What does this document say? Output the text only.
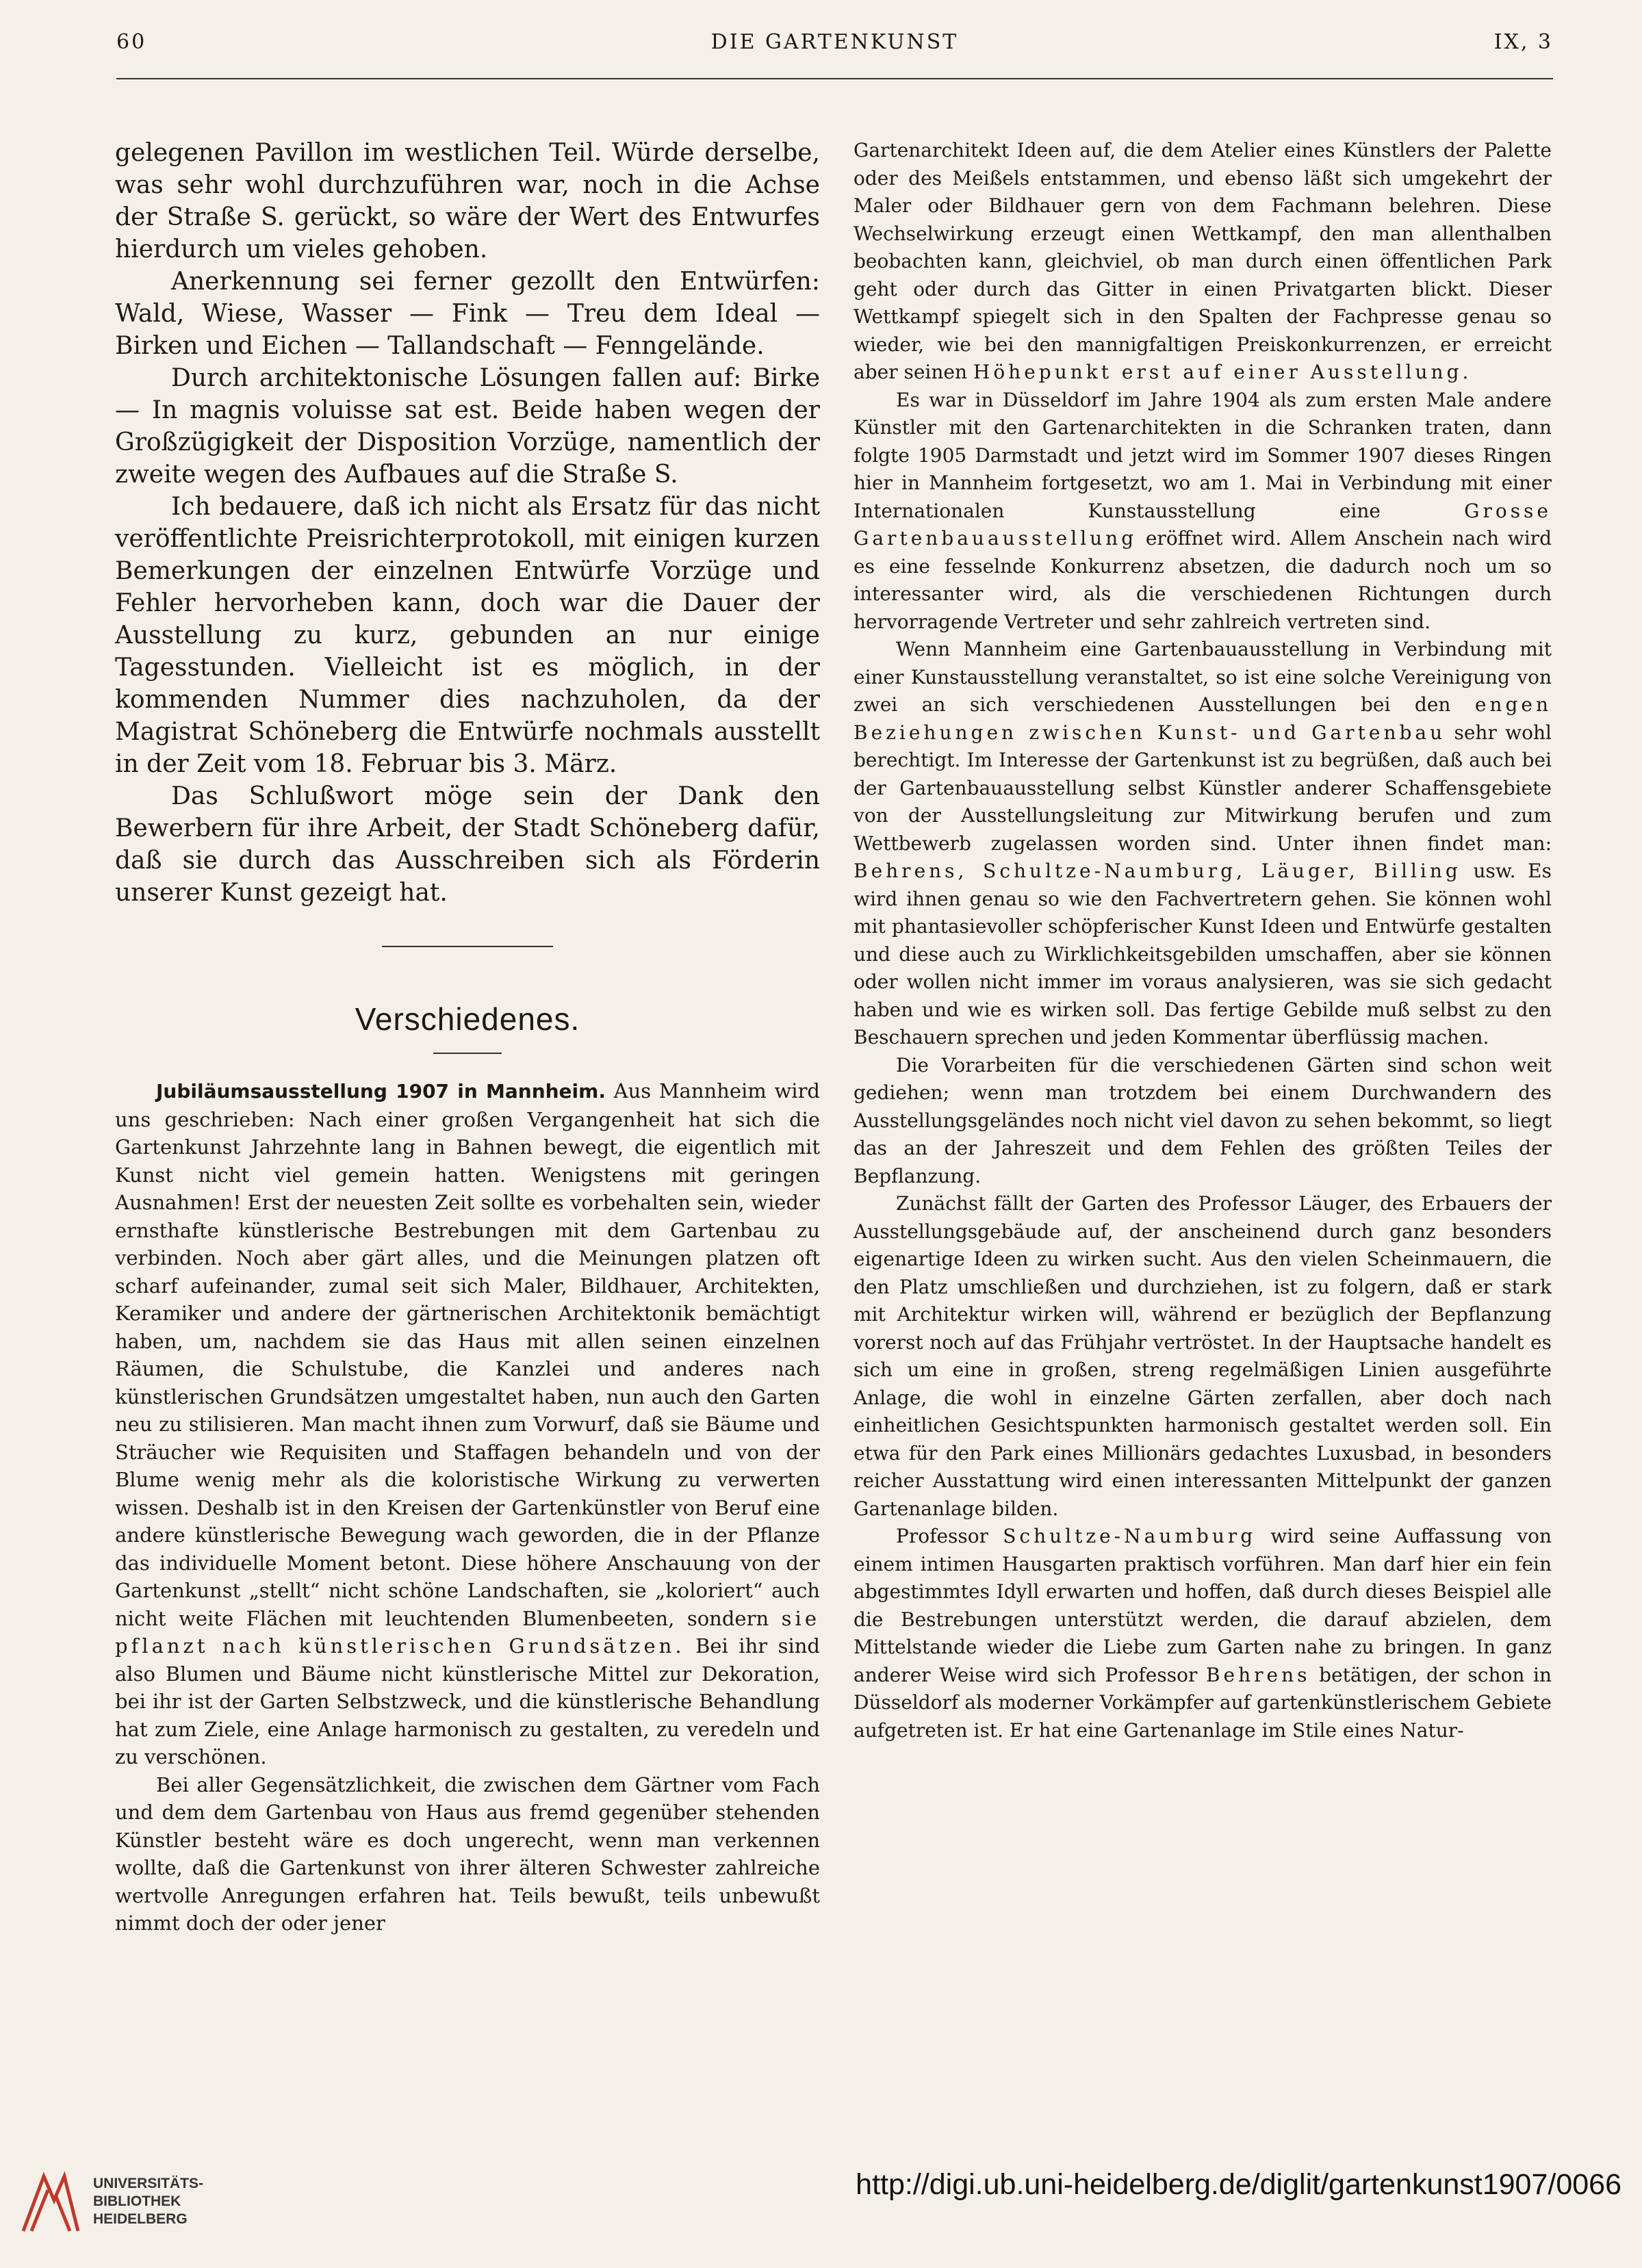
60	DIE GARTENKUNST	IX, 3

gelegenen Pavillon im westlichen Teil. Würde derselbe, was sehr wohl durchzuführen war, noch in die Achse der Straße S. gerückt, so wäre der Wert des Entwurfes hierdurch um vieles gehoben.

Anerkennung sei ferner gezollt den Entwürfen: Wald, Wiese, Wasser — Fink — Treu dem Ideal — Birken und Eichen — Tallandschaft — Fenngelände.

Durch architektonische Lösungen fallen auf: Birke — In magnis voluisse sat est. Beide haben wegen der Großzügigkeit der Disposition Vorzüge, namentlich der zweite wegen des Aufbaues auf die Straße S.

Ich bedauere, daß ich nicht als Ersatz für das nicht veröffentlichte Preisrichterprotokoll, mit einigen kurzen Bemerkungen der einzelnen Entwürfe Vorzüge und Fehler hervorheben kann, doch war die Dauer der Ausstellung zu kurz, gebunden an nur einige Tagesstunden. Vielleicht ist es möglich, in der kommenden Nummer dies nachzuholen, da der Magistrat Schöneberg die Entwürfe nochmals ausstellt in der Zeit vom 18. Februar bis 3. März.

Das Schlußwort möge sein der Dank den Bewerbern für ihre Arbeit, der Stadt Schöneberg dafür, daß sie durch das Ausschreiben sich als Förderin unserer Kunst gezeigt hat.

Verschiedenes.

Jubiläumsausstellung 1907 in Mannheim. Aus Mannheim wird uns geschrieben: Nach einer großen Vergangenheit hat sich die Gartenkunst Jahrzehnte lang in Bahnen bewegt, die eigentlich mit Kunst nicht viel gemein hatten. Wenigstens mit geringen Ausnahmen! Erst der neuesten Zeit sollte es vorbehalten sein, wieder ernsthafte künstlerische Bestrebungen mit dem Gartenbau zu verbinden. Noch aber gärt alles, und die Meinungen platzen oft scharf aufeinander, zumal seit sich Maler, Bildhauer, Architekten, Keramiker und andere der gärtnerischen Architektonik bemächtigt haben, um, nachdem sie das Haus mit allen seinen einzelnen Räumen, die Schulstube, die Kanzlei und anderes nach künstlerischen Grundsätzen umgestaltet haben, nun auch den Garten neu zu stilisieren. Man macht ihnen zum Vorwurf, daß sie Bäume und Sträucher wie Requisiten und Staffagen behandeln und von der Blume wenig mehr als die koloristische Wirkung zu verwerten wissen. Deshalb ist in den Kreisen der Gartenkünstler von Beruf eine andere künstlerische Bewegung wach geworden, die in der Pflanze das individuelle Moment betont. Diese höhere Anschauung von der Gartenkunst „stellt“ nicht schöne Landschaften, sie „koloriert“ auch nicht weite Flächen mit leuchtenden Blumenbeeten, sondern sie pflanzt nach künstlerischen Grundsätzen. Bei ihr sind also Blumen und Bäume nicht künstlerische Mittel zur Dekoration, bei ihr ist der Garten Selbstzweck, und die künstlerische Behandlung hat zum Ziele, eine Anlage harmonisch zu gestalten, zu veredeln und zu verschönen.

Bei aller Gegensätzlichkeit, die zwischen dem Gärtner vom Fach und dem dem Gartenbau von Haus aus fremd gegenüber stehenden Künstler besteht wäre es doch ungerecht, wenn man verkennen wollte, daß die Gartenkunst von ihrer älteren Schwester zahlreiche wertvolle Anregungen erfahren hat. Teils bewußt, teils unbewußt nimmt doch der oder jener

Gartenarchitekt Ideen auf, die dem Atelier eines Künstlers der Palette oder des Meißels entstammen, und ebenso läßt sich umgekehrt der Maler oder Bildhauer gern von dem Fachmann belehren. Diese Wechselwirkung erzeugt einen Wettkampf, den man allenthalben beobachten kann, gleichviel, ob man durch einen öffentlichen Park geht oder durch das Gitter in einen Privatgarten blickt. Dieser Wettkampf spiegelt sich in den Spalten der Fachpresse genau so wieder, wie bei den mannigfaltigen Preiskonkurrenzen, er erreicht aber seinen Höhepunkt erst auf einer Ausstellung.

Es war in Düsseldorf im Jahre 1904 als zum ersten Male andere Künstler mit den Gartenarchitekten in die Schranken traten, dann folgte 1905 Darmstadt und jetzt wird im Sommer 1907 dieses Ringen hier in Mannheim fortgesetzt, wo am 1. Mai in Verbindung mit einer Internationalen Kunstausstellung eine Grosse Gartenbauausstellung eröffnet wird. Allem Anschein nach wird es eine fesselnde Konkurrenz absetzen, die dadurch noch um so interessanter wird, als die verschiedenen Richtungen durch hervorragende Vertreter und sehr zahlreich vertreten sind.

Wenn Mannheim eine Gartenbauausstellung in Verbindung mit einer Kunstausstellung veranstaltet, so ist eine solche Vereinigung von zwei an sich verschiedenen Ausstellungen bei den engen Beziehungen zwischen Kunst- und Gartenbau sehr wohl berechtigt. Im Interesse der Gartenkunst ist zu begrüßen, daß auch bei der Gartenbauausstellung selbst Künstler anderer Schaffensgebiete von der Ausstellungsleitung zur Mitwirkung berufen und zum Wettbewerb zugelassen worden sind. Unter ihnen findet man: Behrens, Schultze-Naumburg, Läuger, Billing usw. Es wird ihnen genau so wie den Fachvertretern gehen. Sie können wohl mit phantasievoller schöpferischer Kunst Ideen und Entwürfe gestalten und diese auch zu Wirklichkeitsgebilden umschaffen, aber sie können oder wollen nicht immer im voraus analysieren, was sie sich gedacht haben und wie es wirken soll. Das fertige Gebilde muß selbst zu den Beschauern sprechen und jeden Kommentar überflüssig machen.

Die Vorarbeiten für die verschiedenen Gärten sind schon weit gediehen; wenn man trotzdem bei einem Durchwandern des Ausstellungsgeländes noch nicht viel davon zu sehen bekommt, so liegt das an der Jahreszeit und dem Fehlen des größten Teiles der Bepflanzung.

Zunächst fällt der Garten des Professor Läuger, des Erbauers der Ausstellungsgebäude auf, der anscheinend durch ganz besonders eigenartige Ideen zu wirken sucht. Aus den vielen Scheinmauern, die den Platz umschließen und durchziehen, ist zu folgern, daß er stark mit Architektur wirken will, während er bezüglich der Bepflanzung vorerst noch auf das Frühjahr vertröstet. In der Hauptsache handelt es sich um eine in großen, streng regelmäßigen Linien ausgeführte Anlage, die wohl in einzelne Gärten zerfallen, aber doch nach einheitlichen Gesichtspunkten harmonisch gestaltet werden soll. Ein etwa für den Park eines Millionärs gedachtes Luxusbad, in besonders reicher Ausstattung wird einen interessanten Mittelpunkt der ganzen Gartenanlage bilden.

Professor Schultze-Naumburg wird seine Auffassung von einem intimen Hausgarten praktisch vorführen. Man darf hier ein fein abgestimmtes Idyll erwarten und hoffen, daß durch dieses Beispiel alle die Bestrebungen unterstützt werden, die darauf abzielen, dem Mittelstande wieder die Liebe zum Garten nahe zu bringen. In ganz anderer Weise wird sich Professor Behrens betätigen, der schon in Düsseldorf als moderner Vorkämpfer auf gartenkünstlerischem Gebiete aufgetreten ist. Er hat eine Gartenanlage im Stile eines Natur-

UNIVERSITÄTS-
BIBLIOTHEK
HEIDELBERG
http://digi.ub.uni-heidelberg.de/diglit/gartenkunst1907/0066
